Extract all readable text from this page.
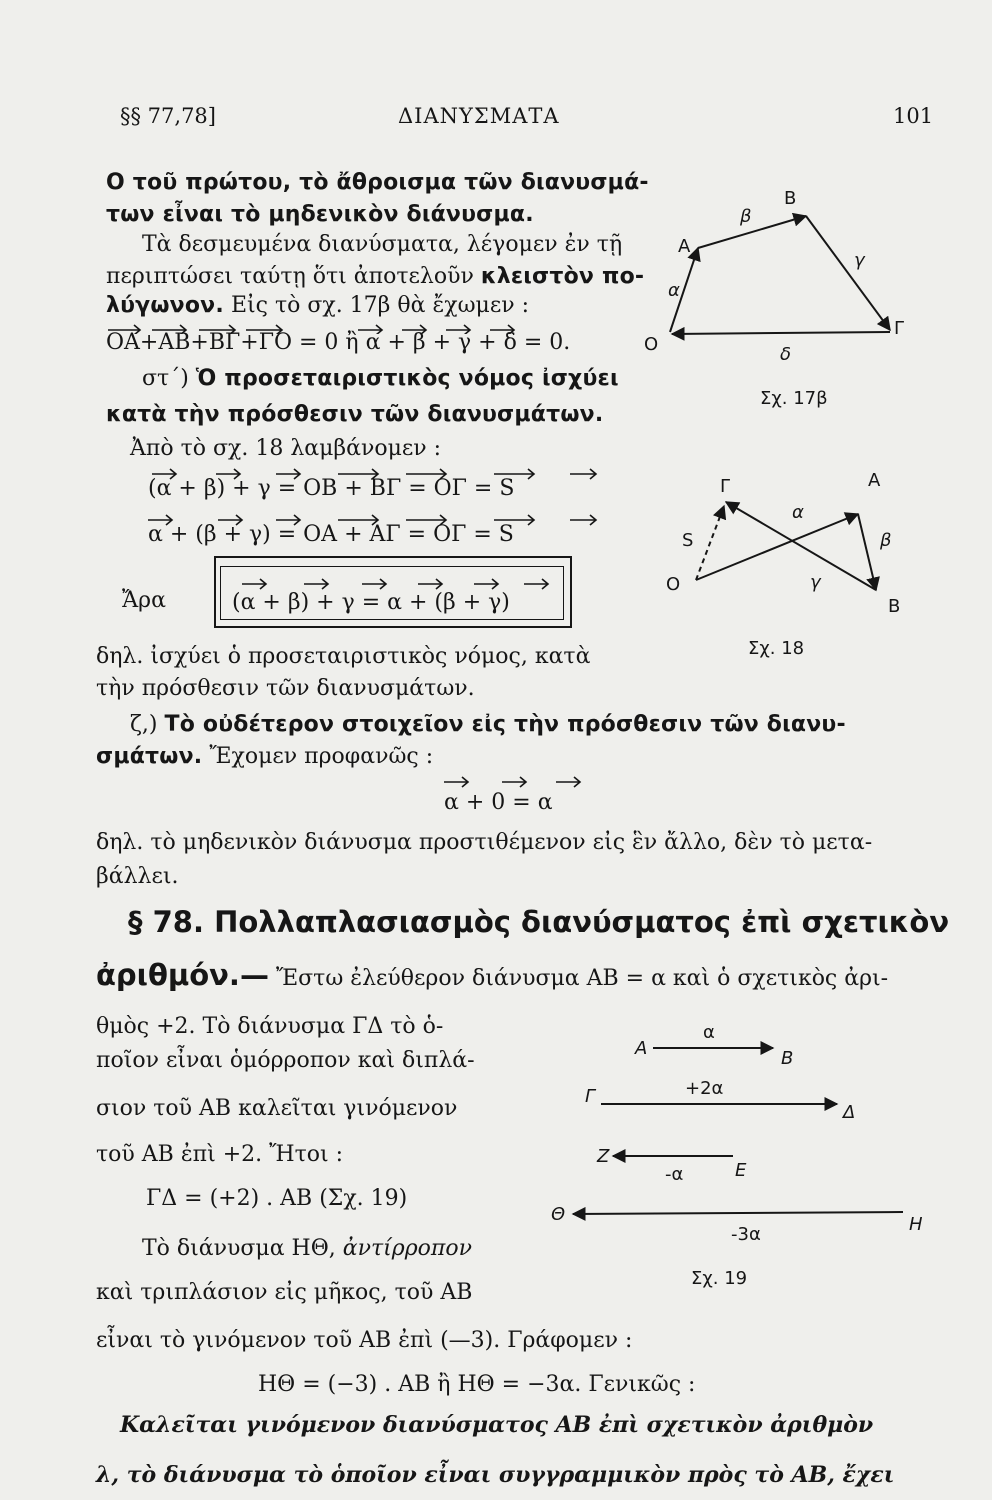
§§ 77,78]	ΔΙΑΝΥΣΜΑΤΑ	101
Ο τοῦ πρώτου, τὸ ἄθροισμα τῶν διανυσμά-
των εἶναι τὸ μηδενικὸν διάνυσμα.
Τὰ δεσμευμένα διανύσματα, λέγομεν ἐν τῇ
περιπτώσει ταύτῃ ὅτι ἀποτελοῦν κλειστὸν πο-
λύγωνον. Εἰς τὸ σχ. 17β θὰ ἔχωμεν :
OA+AB+BΓ+ΓO = 0 ἢ α + β + γ + δ = 0.
στ΄) Ὁ προσεταιριστικὸς νόμος ἰσχύει
κατὰ τὴν πρόσθεσιν τῶν διανυσμάτων.
Ἀπὸ τὸ σχ. 18 λαμβάνομεν :
(α + β) + γ = OB + BΓ = OΓ = S
α + (β + γ) = OA + AΓ = OΓ = S
Ἄρα	(α + β) + γ = α + (β + γ)
δηλ. ἰσχύει ὁ προσεταιριστικὸς νόμος, κατὰ
τὴν πρόσθεσιν τῶν διανυσμάτων.
ζ,) Τὸ οὐδέτερον στοιχεῖον εἰς τὴν πρόσθεσιν τῶν διανυ-
σμάτων. Ἔχομεν προφανῶς :
α + 0 = α
δηλ. τὸ μηδενικὸν διάνυσμα προστιθέμενον εἰς ἓν ἄλλο, δὲν τὸ μετα-
βάλλει.
§ 78. Πολλαπλασιασμὸς διανύσματος ἐπὶ σχετικὸν
ἀριθμόν.— Ἔστω ἐλεύθερον διάνυσμα AB = α καὶ ὁ σχετικὸς ἀρι-
θμὸς +2. Τὸ διάνυσμα ΓΔ τὸ ὁ-
ποῖον εἶναι ὁμόρροπον καὶ διπλά-
σιον τοῦ AB καλεῖται γινόμενον
τοῦ AB ἐπὶ +2. Ἤτοι :
ΓΔ = (+2) . AB (Σχ. 19)
Τὸ διάνυσμα ΗΘ, ἀντίρροπον
καὶ τριπλάσιον εἰς μῆκος, τοῦ AB
εἶναι τὸ γινόμενον τοῦ AB ἐπὶ (—3). Γράφομεν :
HΘ = (−3) . AB ἢ HΘ = −3α. Γενικῶς :
Καλεῖται γινόμενον διανύσματος AB ἐπὶ σχετικὸν ἀριθμὸν
λ, τὸ διάνυσμα τὸ ὁποῖον εἶναι συγγραμμικὸν πρὸς τὸ AB, ἔχει
O
A
B
Γ
α
β
γ
δ
Σχ. 17β
O
A
B
Γ
α
β
γ
S
Σχ. 18
A	B
α
Γ
Δ
+2α
Z
E
-α
Θ	H
-3α
Σχ. 19
